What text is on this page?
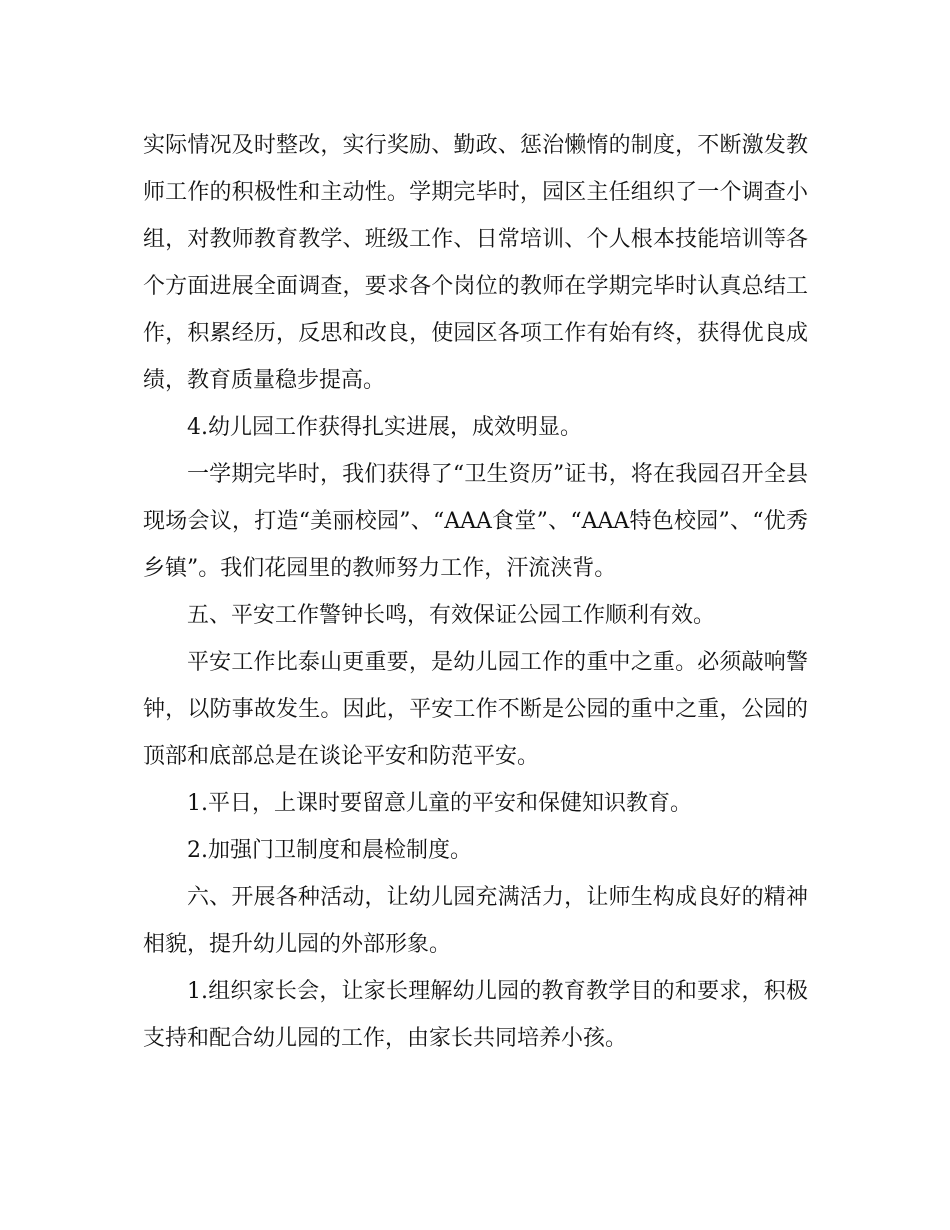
实际情况及时整改，实行奖励、勤政、惩治懒惰的制度，不断激发教师工作的积极性和主动性。学期完毕时，园区主任组织了一个调查小组，对教师教育教学、班级工作、日常培训、个人根本技能培训等各个方面进展全面调查，要求各个岗位的教师在学期完毕时认真总结工作，积累经历，反思和改良，使园区各项工作有始有终，获得优良成绩，教育质量稳步提高。

4.幼儿园工作获得扎实进展，成效明显。

一学期完毕时，我们获得了“卫生资历”证书，将在我园召开全县现场会议，打造“美丽校园”、“AAA食堂”、“AAA特色校园”、“优秀乡镇”。我们花园里的教师努力工作，汗流浃背。

五、平安工作警钟长鸣，有效保证公园工作顺利有效。

平安工作比泰山更重要，是幼儿园工作的重中之重。必须敲响警钟，以防事故发生。因此，平安工作不断是公园的重中之重，公园的顶部和底部总是在谈论平安和防范平安。

1.平日，上课时要留意儿童的平安和保健知识教育。

2.加强门卫制度和晨检制度。

六、开展各种活动，让幼儿园充满活力，让师生构成良好的精神相貌，提升幼儿园的外部形象。

1.组织家长会，让家长理解幼儿园的教育教学目的和要求，积极支持和配合幼儿园的工作，由家长共同培养小孩。
